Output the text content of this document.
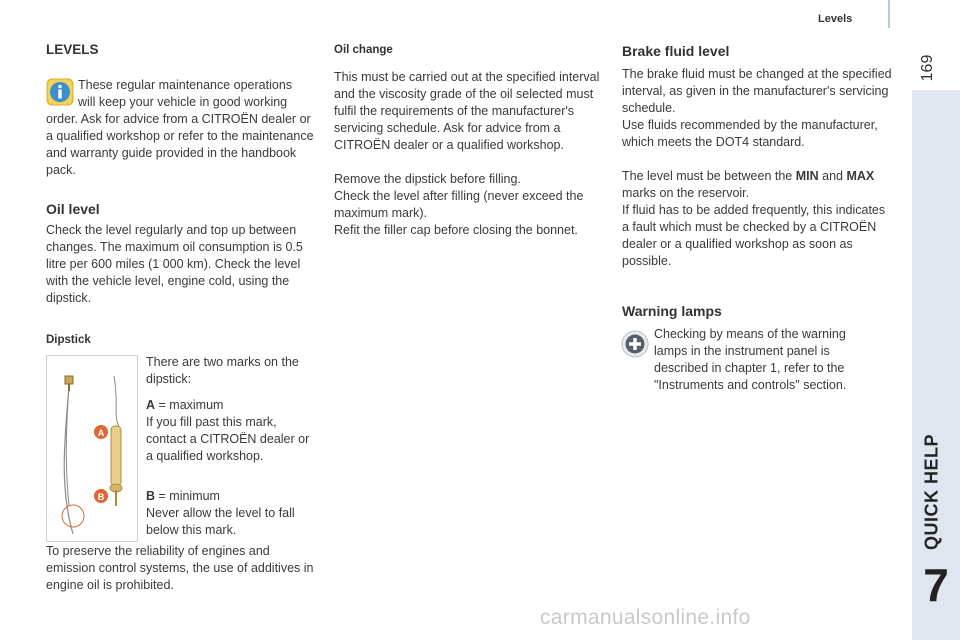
Levels
169
QUICK HELP
7
LEVELS
These regular maintenance operations
will keep your vehicle in good working
order. Ask for advice from a CITROËN dealer or a qualified workshop or refer to the maintenance and warranty guide provided in the handbook pack.
Oil level
Check the level regularly and top up between changes. The maximum oil consumption is 0.5 litre per 600 miles (1 000 km). Check the level with the vehicle level, engine cold, using the dipstick.
Dipstick
A
B
There are two marks on the dipstick:
A = maximum
If you fill past this mark, contact a CITROËN dealer or a qualified workshop.
B = minimum
Never allow the level to fall below this mark.
To preserve the reliability of engines and emission control systems, the use of additives in engine oil is prohibited.
Oil change
This must be carried out at the specified interval and the viscosity grade of the oil selected must fulfil the requirements of the manufacturer's servicing schedule. Ask for advice from a CITROËN dealer or a qualified workshop.
Remove the dipstick before filling.
Check the level after filling (never exceed the maximum mark).
Refit the filler cap before closing the bonnet.
Brake fluid level
The brake fluid must be changed at the specified interval, as given in the manufacturer's servicing schedule.
Use fluids recommended by the manufacturer, which meets the DOT4 standard.
The level must be between the MIN and MAX marks on the reservoir.
If fluid has to be added frequently, this indicates a fault which must be checked by a CITROËN dealer or a qualified workshop as soon as possible.
Warning lamps
Checking by means of the warning lamps in the instrument panel is described in chapter 1, refer to the "Instruments and controls" section.
carmanualsonline.info
